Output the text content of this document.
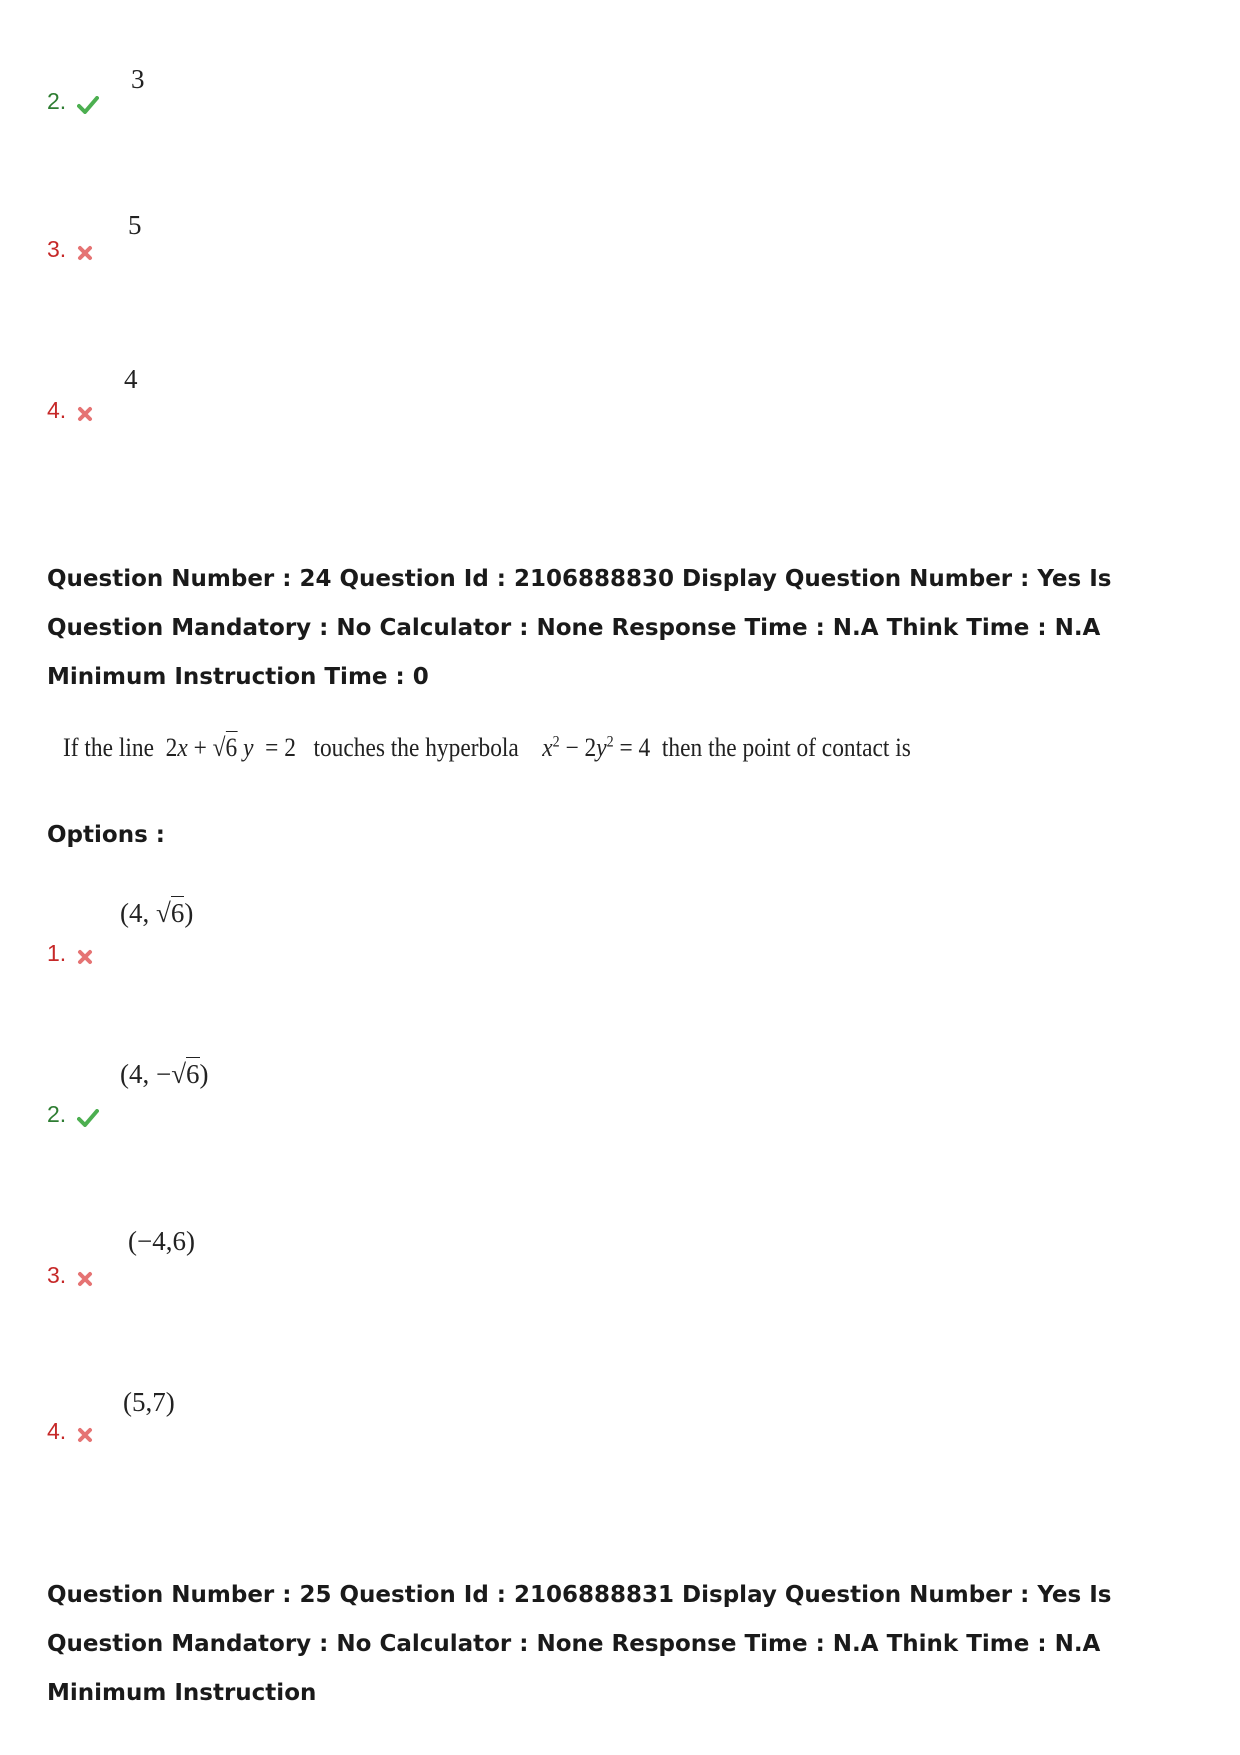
2.
3
3.
5
4.
4
Question Number : 24 Question Id : 2106888830 Display Question Number : Yes Is Question Mandatory : No Calculator : None Response Time : N.A Think Time : N.A Minimum Instruction Time : 0
If the line 2x + √6 y  = 2 touches the hyperbola $x^2 - 2y^2 = 4$ then the point of contact is
Options :
1.
(4, √6)
2.
(4, −√6)
3.
(−4,6)
4.
(5,7)
Question Number : 25 Question Id : 2106888831 Display Question Number : Yes Is Question Mandatory : No Calculator : None Response Time : N.A Think Time : N.A Minimum Instruction
